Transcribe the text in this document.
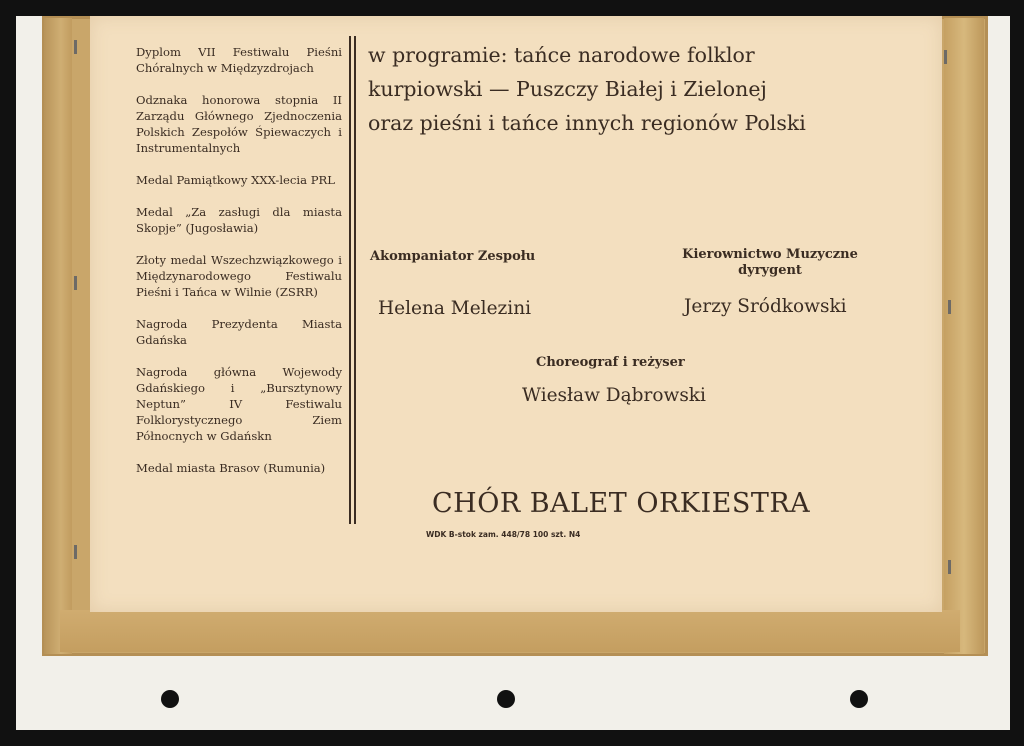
Dyplom VII Festiwalu Pieśni Chóralnych w Międzyzdrojach
Odznaka honorowa stopnia II Zarządu Głównego Zjednoczenia Polskich Zespołów Śpiewaczych i Instrumentalnych
Medal Pamiątkowy XXX-lecia PRL
Medal „Za zasługi dla miasta Skopje” (Jugosławia)
Złoty medal Wszechzwiązkowego i Międzynarodowego Festiwalu Pieśni i Tańca w Wilnie (ZSRR)
Nagroda Prezydenta Miasta Gdańska
Nagroda główna Wojewody Gdańskiego i „Bursztynowy Neptun” IV Festiwalu Folklorystycznego Ziem Północnych w Gdańskn
Medal miasta Brasov (Rumunia)
w programie: tańce narodowe folklor
kurpiowski — Puszczy Białej i Zielonej
oraz pieśni i tańce innych regionów Polski
Akompaniator Zespołu
Helena Melezini
Kierownictwo Muzyczne
dyrygent
Jerzy Sródkowski
Choreograf i reżyser
Wiesław Dąbrowski
CHÓR BALET ORKIESTRA
WDK B-stok zam. 448/78 100 szt. N4
